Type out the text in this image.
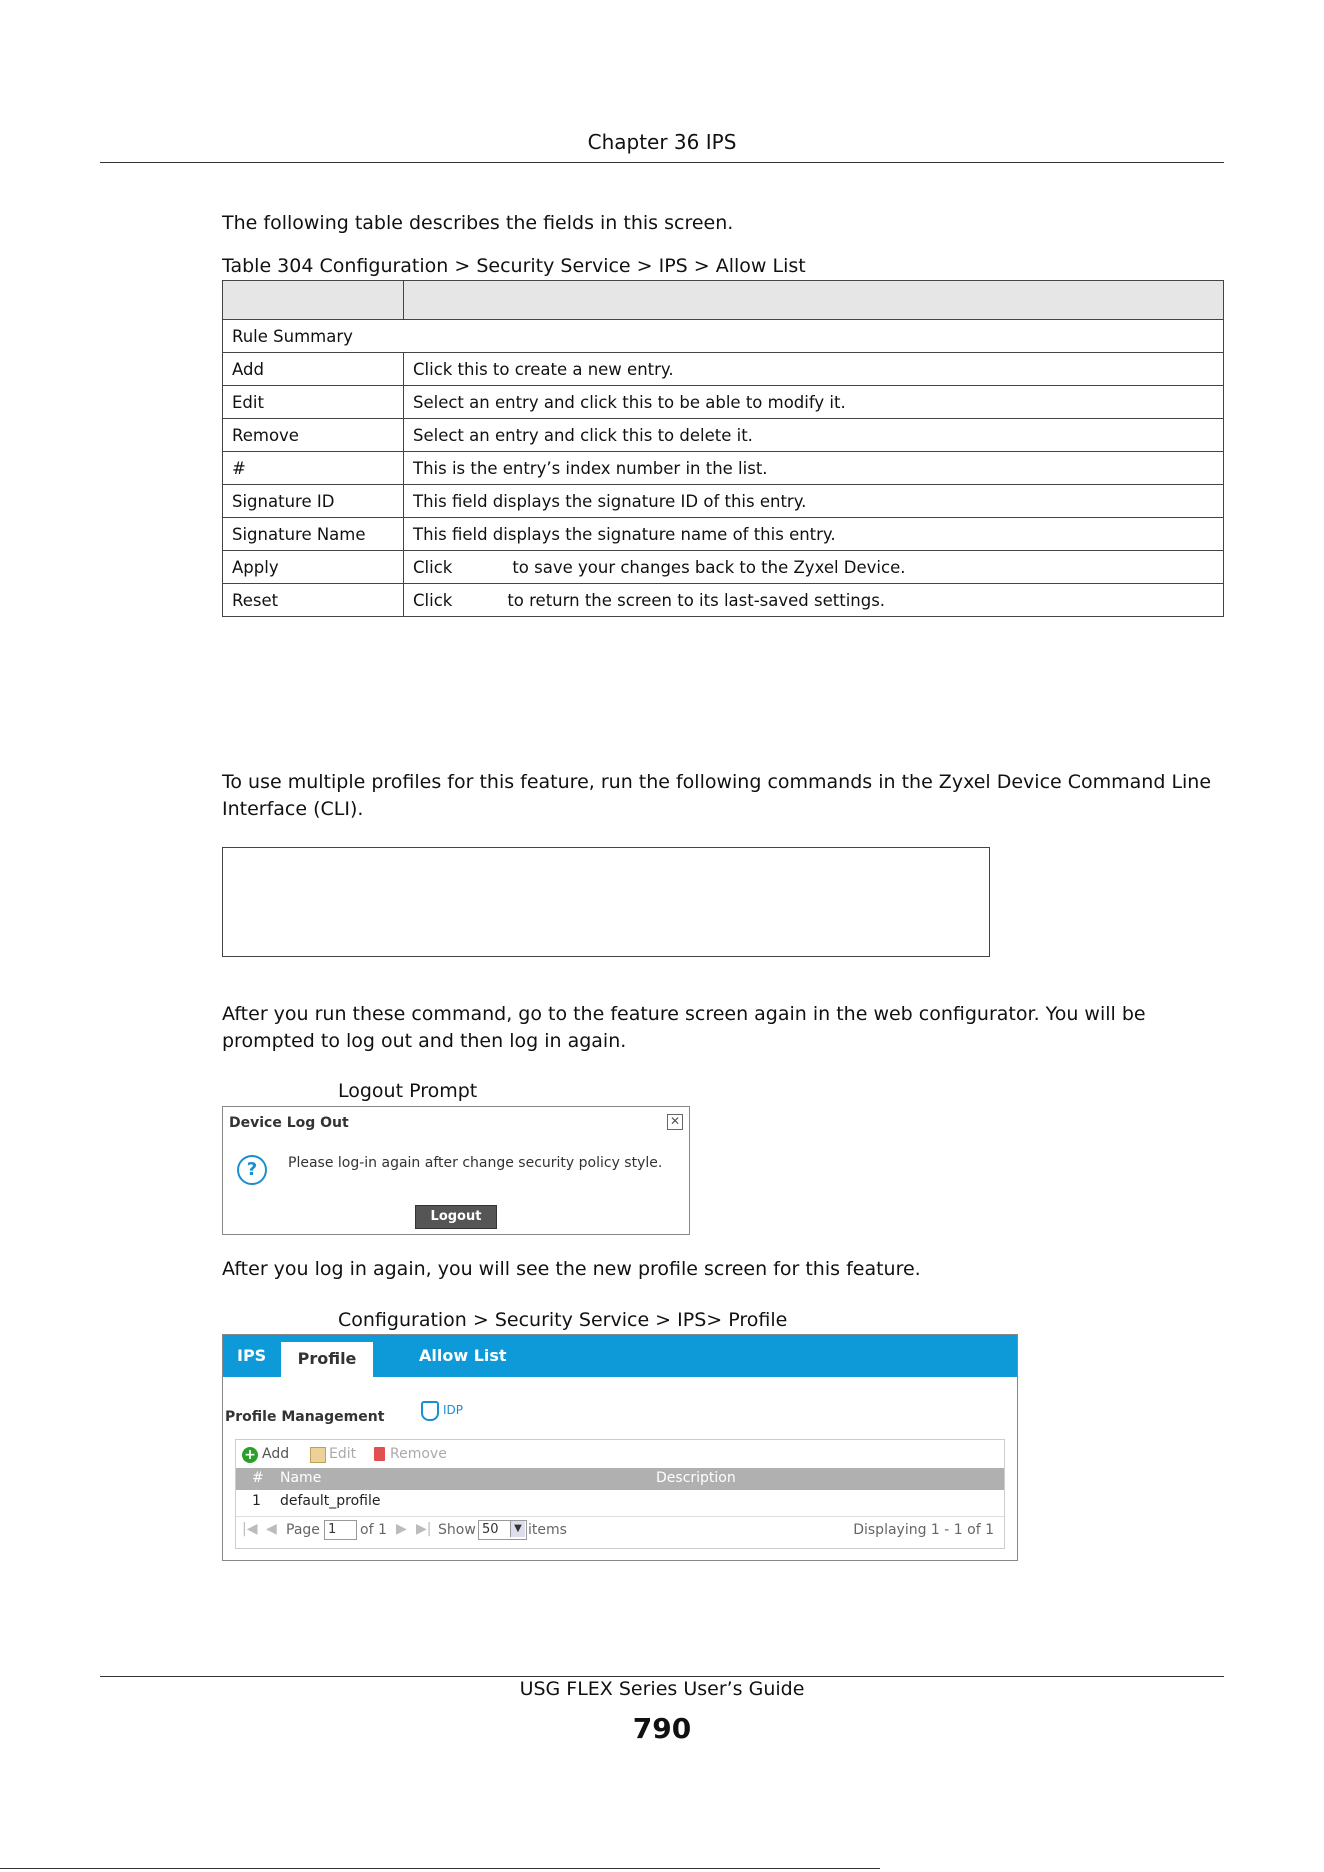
Chapter 36 IPS
The following table describes the fields in this screen.
Table 304 Configuration > Security Service > IPS > Allow List

Rule Summary	
Add	Click this to create a new entry.
Edit	Select an entry and click this to be able to modify it.
Remove	Select an entry and click this to delete it.
#	This is the entry’s index number in the list.
Signature ID	This field displays the signature ID of this entry.
Signature Name	This field displays the signature name of this entry.
Apply	Click to save your changes back to the Zyxel Device.
Reset	Click to return the screen to its last-saved settings.
To use multiple profiles for this feature, run the following commands in the Zyxel Device Command Line Interface (CLI).
After you run these command, go to the feature screen again in the web configurator. You will be prompted to log out and then log in again.
Logout Prompt
Device Log Out	✕
?	Please log-in again after change security policy style.
Logout
After you log in again, you will see the new profile screen for this feature.
Configuration > Security Service > IPS> Profile
IPS	Profile	Allow List
Profile Management	IDP
+ Add	Edit Remove
# Name	Description
1 default_profile
|◀ ◀ Page 1	of 1 ▶ ▶| Show 50	▼ items	Displaying 1 - 1 of 1
USG FLEX Series User’s Guide
790
